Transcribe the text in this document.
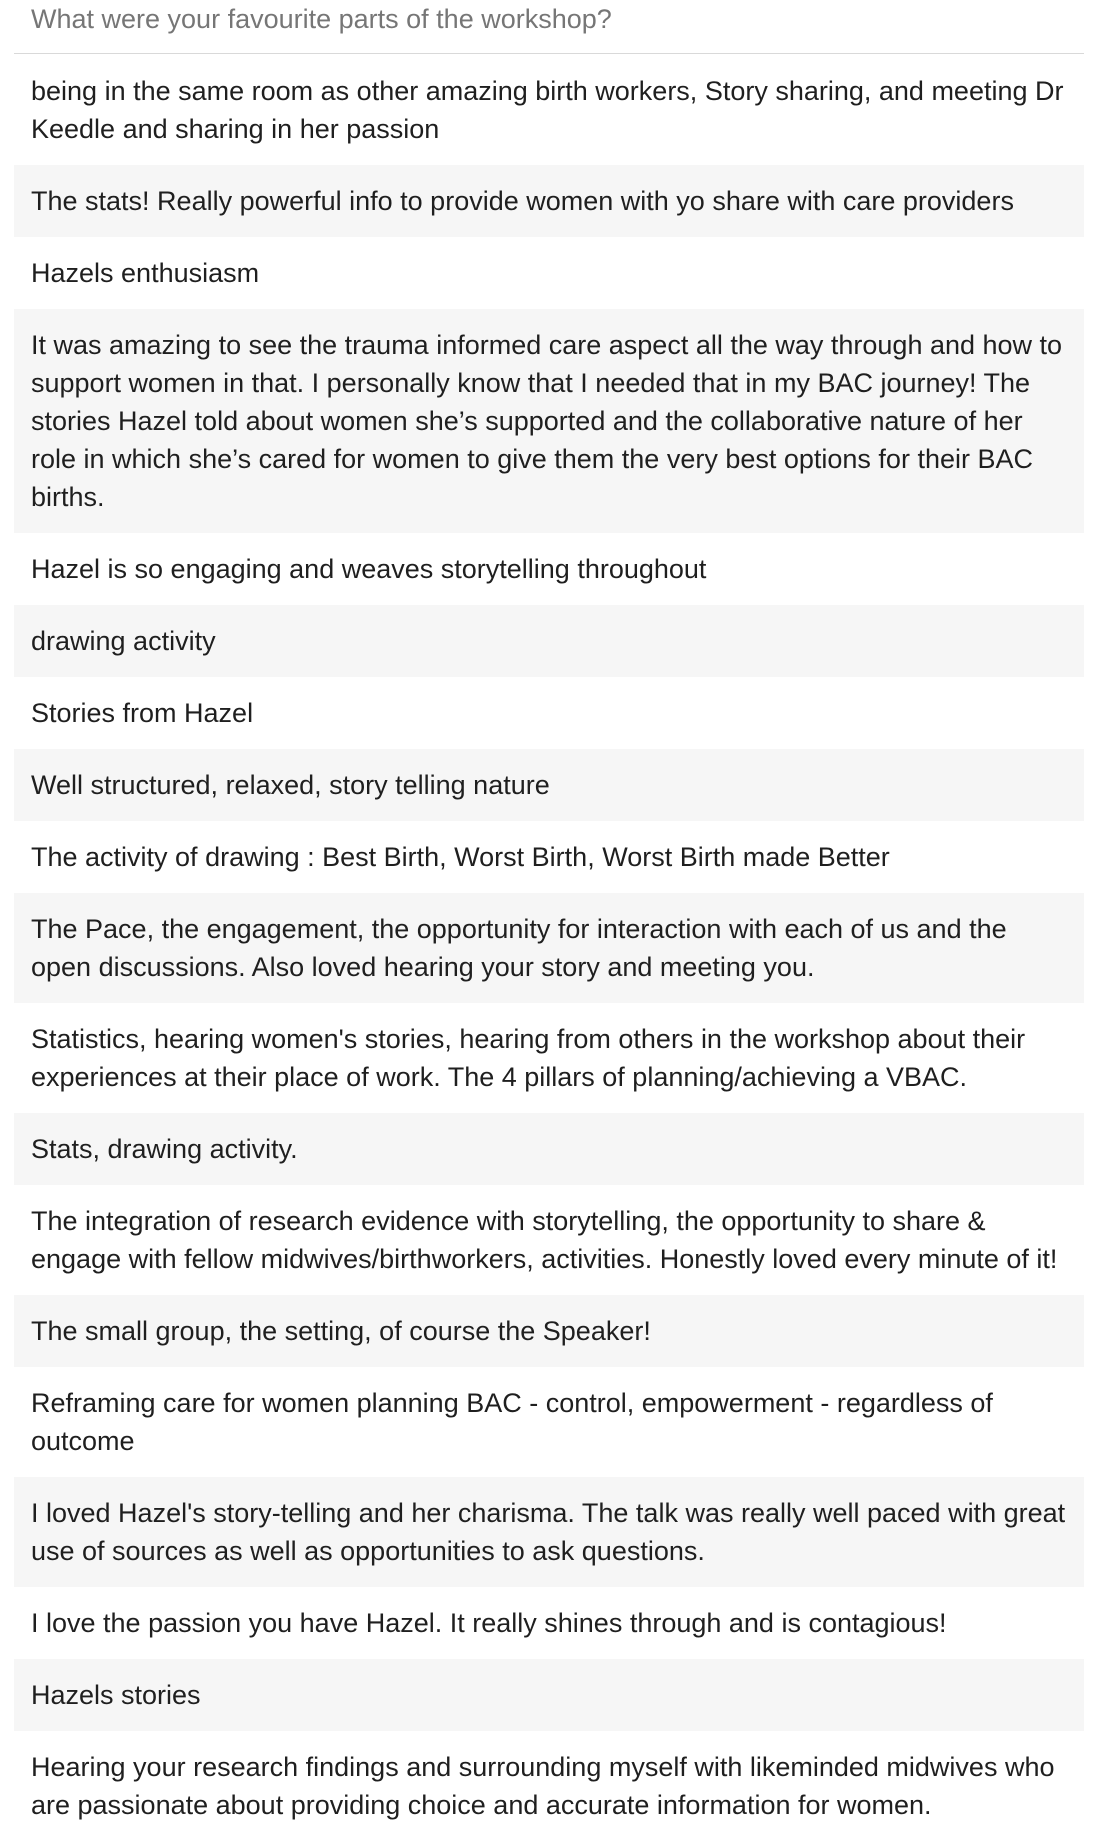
What were your favourite parts of the workshop?
being in the same room as other amazing birth workers, Story sharing, and meeting Dr Keedle and sharing in her passion
The stats! Really powerful info to provide women with yo share with care providers
Hazels enthusiasm
It was amazing to see the trauma informed care aspect all the way through and how to support women in that. I personally know that I needed that in my BAC journey! The stories Hazel told about women she’s supported and the collaborative nature of her role in which she’s cared for women to give them the very best options for their BAC births.
Hazel is so engaging and weaves storytelling throughout
drawing activity
Stories from Hazel
Well structured, relaxed, story telling nature
The activity of drawing : Best Birth, Worst Birth, Worst Birth made Better
The Pace, the engagement, the opportunity for interaction with each of us and the open discussions. Also loved hearing your story and meeting you.
Statistics, hearing women's stories, hearing from others in the workshop about their experiences at their place of work. The 4 pillars of planning/achieving a VBAC.
Stats, drawing activity.
The integration of research evidence with storytelling, the opportunity to share & engage with fellow midwives/birthworkers, activities. Honestly loved every minute of it!
The small group, the setting, of course the Speaker!
Reframing care for women planning BAC - control, empowerment - regardless of outcome
I loved Hazel's story-telling and her charisma. The talk was really well paced with great use of sources as well as opportunities to ask questions.
I love the passion you have Hazel. It really shines through and is contagious!
Hazels stories
Hearing your research findings and surrounding myself with likeminded midwives who are passionate about providing choice and accurate information for women.
